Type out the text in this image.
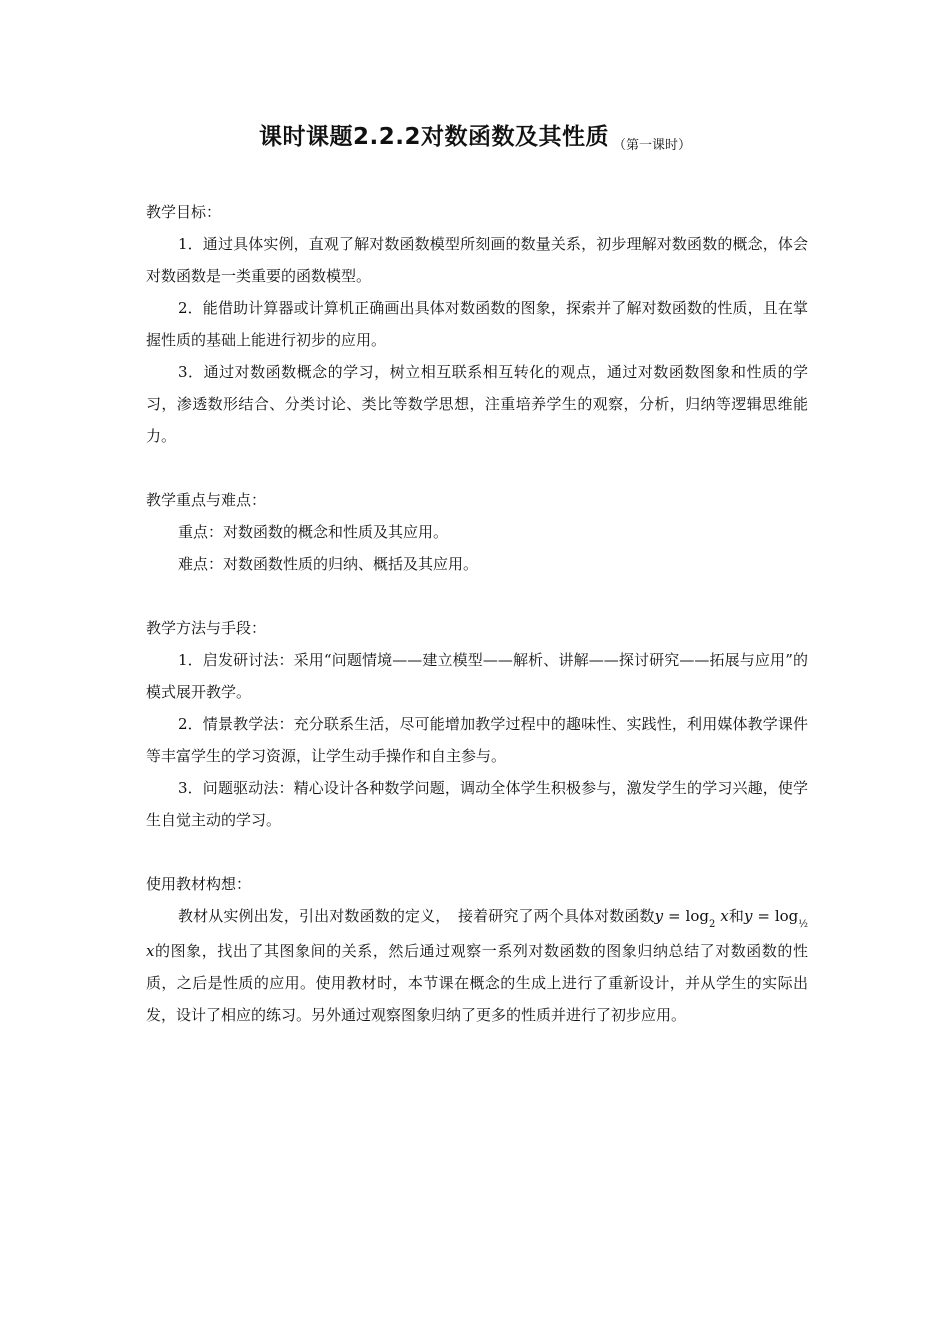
课时课题2.2.2对数函数及其性质 $_{(第一课时)}$

教学目标：

1．通过具体实例，直观了解对数函数模型所刻画的数量关系，初步理解对数函数的概念，体会对数函数是一类重要的函数模型。

2．能借助计算器或计算机正确画出具体对数函数的图象，探索并了解对数函数的性质，且在掌握性质的基础上能进行初步的应用。

3．通过对数函数概念的学习，树立相互联系相互转化的观点，通过对数函数图象和性质的学习，渗透数形结合、分类讨论、类比等数学思想，注重培养学生的观察，分析，归纳等逻辑思维能力。

教学重点与难点：

重点：对数函数的概念和性质及其应用。

难点：对数函数性质的归纳、概括及其应用。

教学方法与手段：

1．启发研讨法：采用“问题情境——建立模型——解析、讲解——探讨研究——拓展与应用”的模式展开教学。

2．情景教学法：充分联系生活，尽可能增加教学过程中的趣味性、实践性，利用媒体教学课件等丰富学生的学习资源，让学生动手操作和自主参与。

3．问题驱动法：精心设计各种数学问题，调动全体学生积极参与，激发学生的学习兴趣，使学生自觉主动的学习。

使用教材构想：

教材从实例出发，引出对数函数的定义，　接着研究了两个具体对数函数$y = \log_2 x$和$y = \log_{\frac{1}{2}} x$的图象，找出了其图象间的关系，然后通过观察一系列对数函数的图象归纳总结了对数函数的性质，之后是性质的应用。使用教材时，本节课在概念的生成上进行了重新设计，并从学生的实际出发，设计了相应的练习。另外通过观察图象归纳了更多的性质并进行了初步应用。
